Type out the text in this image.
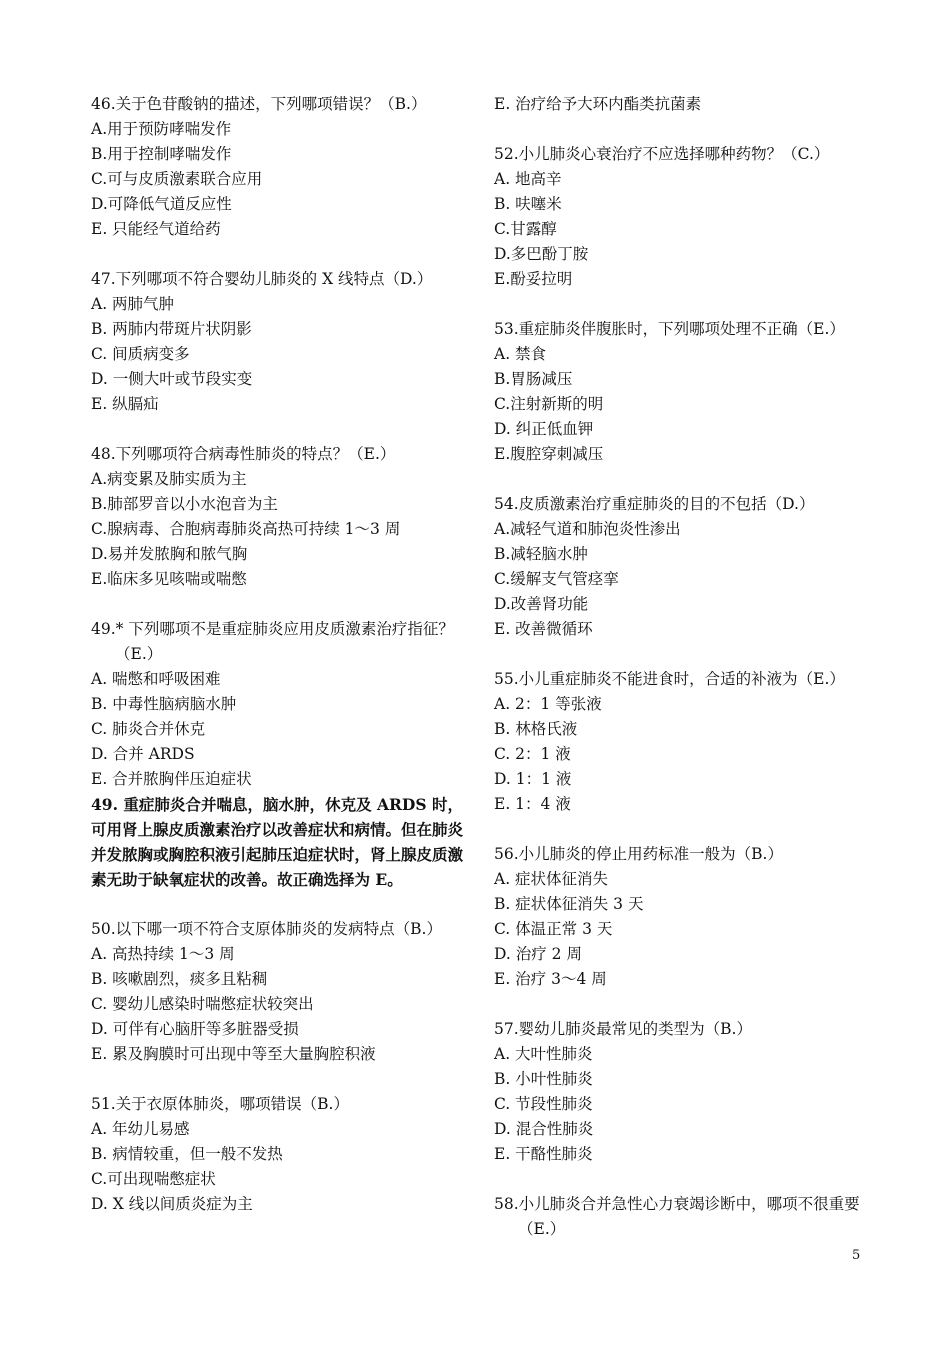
46.关于色苷酸钠的描述，下列哪项错误？（B.）
A.用于预防哮喘发作
B.用于控制哮喘发作
C.可与皮质激素联合应用
D.可降低气道反应性
E. 只能经气道给药
47.下列哪项不符合婴幼儿肺炎的 X 线特点（D.）
A. 两肺气肿
B. 两肺内带斑片状阴影
C. 间质病变多
D. 一侧大叶或节段实变
E. 纵膈疝
48.下列哪项符合病毒性肺炎的特点？（E.）
A.病变累及肺实质为主
B.肺部罗音以小水泡音为主
C.腺病毒、合胞病毒肺炎高热可持续 1～3 周
D.易并发脓胸和脓气胸
E.临床多见咳喘或喘憋
49.* 下列哪项不是重症肺炎应用皮质激素治疗指征？（E.）
A. 喘憋和呼吸困难
B. 中毒性脑病脑水肿
C. 肺炎合并休克
D. 合并 ARDS
E. 合并脓胸伴压迫症状
49. 重症肺炎合并喘息，脑水肿，休克及 ARDS 时，可用肾上腺皮质激素治疗以改善症状和病情。但在肺炎并发脓胸或胸腔积液引起肺压迫症状时，肾上腺皮质激素无助于缺氧症状的改善。故正确选择为 E。
50.以下哪一项不符合支原体肺炎的发病特点（B.）
A. 高热持续 1～3 周
B. 咳嗽剧烈，痰多且粘稠
C. 婴幼儿感染时喘憋症状较突出
D. 可伴有心脑肝等多脏器受损
E. 累及胸膜时可出现中等至大量胸腔积液
51.关于衣原体肺炎，哪项错误（B.）
A. 年幼儿易感
B. 病情较重，但一般不发热
C.可出现喘憋症状
D. X 线以间质炎症为主
E. 治疗给予大环内酯类抗菌素
52.小儿肺炎心衰治疗不应选择哪种药物？（C.）
A. 地高辛
B. 呋噻米
C.甘露醇
D.多巴酚丁胺
E.酚妥拉明
53.重症肺炎伴腹胀时，下列哪项处理不正确（E.）
A. 禁食
B.胃肠减压
C.注射新斯的明
D. 纠正低血钾
E.腹腔穿刺减压
54.皮质激素治疗重症肺炎的目的不包括（D.）
A.减轻气道和肺泡炎性渗出
B.减轻脑水肿
C.缓解支气管痉挛
D.改善肾功能
E. 改善微循环
55.小儿重症肺炎不能进食时，合适的补液为（E.）
A. 2：1 等张液
B. 林格氏液
C. 2：1 液
D. 1：1 液
E. 1：4 液
56.小儿肺炎的停止用药标准一般为（B.）
A. 症状体征消失
B. 症状体征消失 3 天
C. 体温正常 3 天
D. 治疗 2 周
E. 治疗 3～4 周
57.婴幼儿肺炎最常见的类型为（B.）
A. 大叶性肺炎
B. 小叶性肺炎
C. 节段性肺炎
D. 混合性肺炎
E. 干酪性肺炎
58.小儿肺炎合并急性心力衰竭诊断中，哪项不很重要（E.）
5
